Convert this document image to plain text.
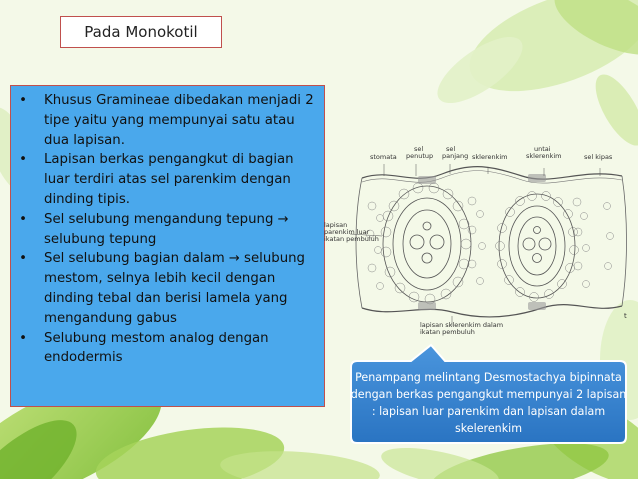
Pada Monokotil
• Khusus Gramineae dibedakan menjadi 2 tipe yaitu yang mempunyai satu atau dua lapisan.
• Lapisan berkas pengangkut di bagian luar terdiri atas sel parenkim dengan dinding tipis.
• Sel selubung mengandung tepung → selubung tepung
• Sel selubung bagian dalam → selubung mestom, selnya lebih kecil dengan dinding tebal dan berisi lamela yang mengandung gabus
• Selubung mestom analog dengan endodermis
t
stomata
sel
penutup
sel
panjang sklerenkim
untai
sklerenkim	sel kipas
lapisan
parenkim luar
ikatan pembuluh
lapisan sklerenkim dalam
ikatan pembuluh
Penampang melintang Desmostachya bipinnata dengan berkas pengangkut mempunyai 2 lapisan : lapisan luar parenkim dan lapisan dalam skelerenkim
